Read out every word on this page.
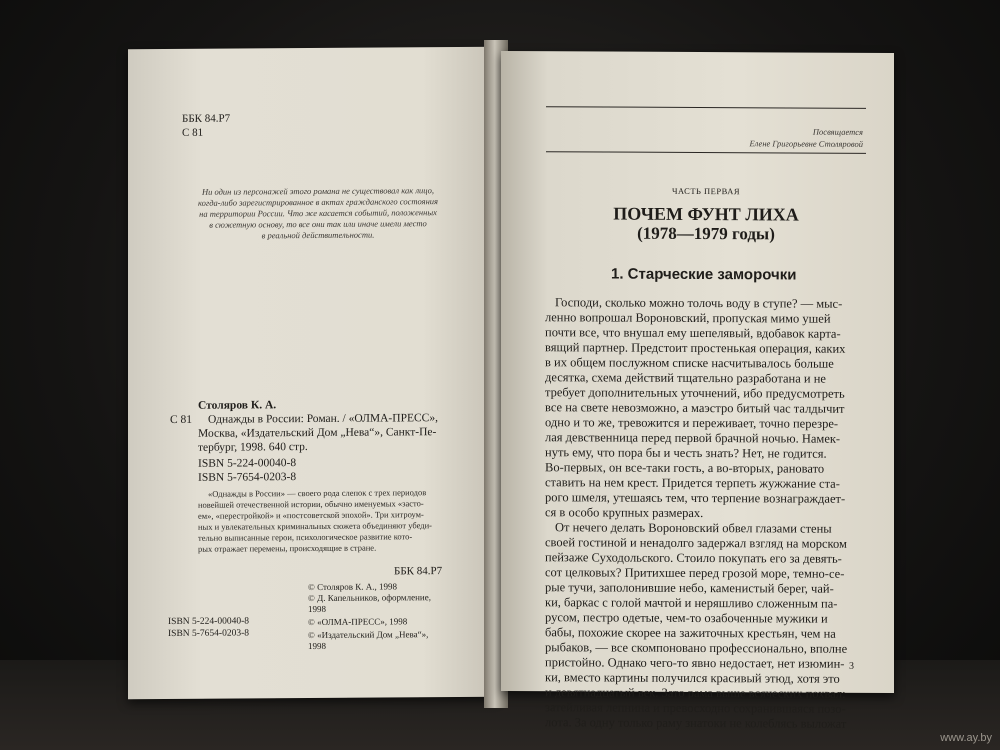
ББК 84.Р7
С 81
Ни один из персонажей этого романа не существовал как лицо,
когда-либо зарегистрированное в актах гражданского состояния
на территории России. Что же касается событий, положенных
в сюжетную основу, то все они так или иначе имели место
в реальной действительности.
Столяров К. А.
С 81 Однажды в России: Роман. / «ОЛМА-ПРЕСС»,
Москва, «Издательский Дом „Нева“», Санкт-Пе-
тербург, 1998. 640 стр.
ISBN 5-224-00040-8
ISBN 5-7654-0203-8
«Однажды в России» — своего рода слепок с трех периодов
новейшей отечественной истории, обычно именуемых «засто-
ем», «перестройкой» и «постсоветской эпохой». Три хитроум-
ных и увлекательных криминальных сюжета объединяют убеди-
тельно выписанные герои, психологическое развитие кото-
рых отражает перемены, происходящие в стране.
ББК 84.Р7
ISBN 5-224-00040-8
ISBN 5-7654-0203-8
© Столяров К. А., 1998
© Д. Капельников, оформление,
1998
© «ОЛМА-ПРЕСС», 1998
© «Издательский Дом „Нева“»,
1998
Посвящается
Елене Григорьевне Столяровой
ЧАСТЬ ПЕРВАЯ
ПОЧЕМ ФУНТ ЛИХА
(1978—1979 годы)
1. Старческие заморочки
Господи, сколько можно толочь воду в ступе? — мыс-
ленно вопрошал Вороновский, пропуская мимо ушей
почти все, что внушал ему шепелявый, вдобавок карта-
вящий партнер. Предстоит простенькая операция, каких
в их общем послужном списке насчитывалось больше
десятка, схема действий тщательно разработана и не
требует дополнительных уточнений, ибо предусмотреть
все на свете невозможно, а маэстро битый час талдычит
одно и то же, тревожится и переживает, точно перезре-
лая девственница перед первой брачной ночью. Намек-
нуть ему, что пора бы и честь знать? Нет, не годится.
Во-первых, он все-таки гость, а во-вторых, рановато
ставить на нем крест. Придется терпеть жужжание ста-
рого шмеля, утешаясь тем, что терпение вознаграждает-
ся в особо крупных размерах.
От нечего делать Вороновский обвел глазами стены
своей гостиной и ненадолго задержал взгляд на морском
пейзаже Суходольского. Стоило покупать его за девять-
сот целковых? Притихшее перед грозой море, темно-се-
рые тучи, заполонившие небо, каменистый берег, чай-
ки, баркас с голой мачтой и неряшливо сложенным па-
русом, пестро одетые, чем-то озабоченные мужики и
бабы, похожие скорее на зажиточных крестьян, чем на
рыбаков, — все скомпоновано профессионально, вполне
пристойно. Однако чего-то явно недостает, нет изюмин-
ки, вместо картины получился красивый этюд, хотя это
и девятнадцатый век. Зато рама выше всяческих похвал:
затейливая лепнина и превосходно сохранившаяся позо-
лота. За одну только раму знатоки не колеблясь выложат
3
www.ay.by
